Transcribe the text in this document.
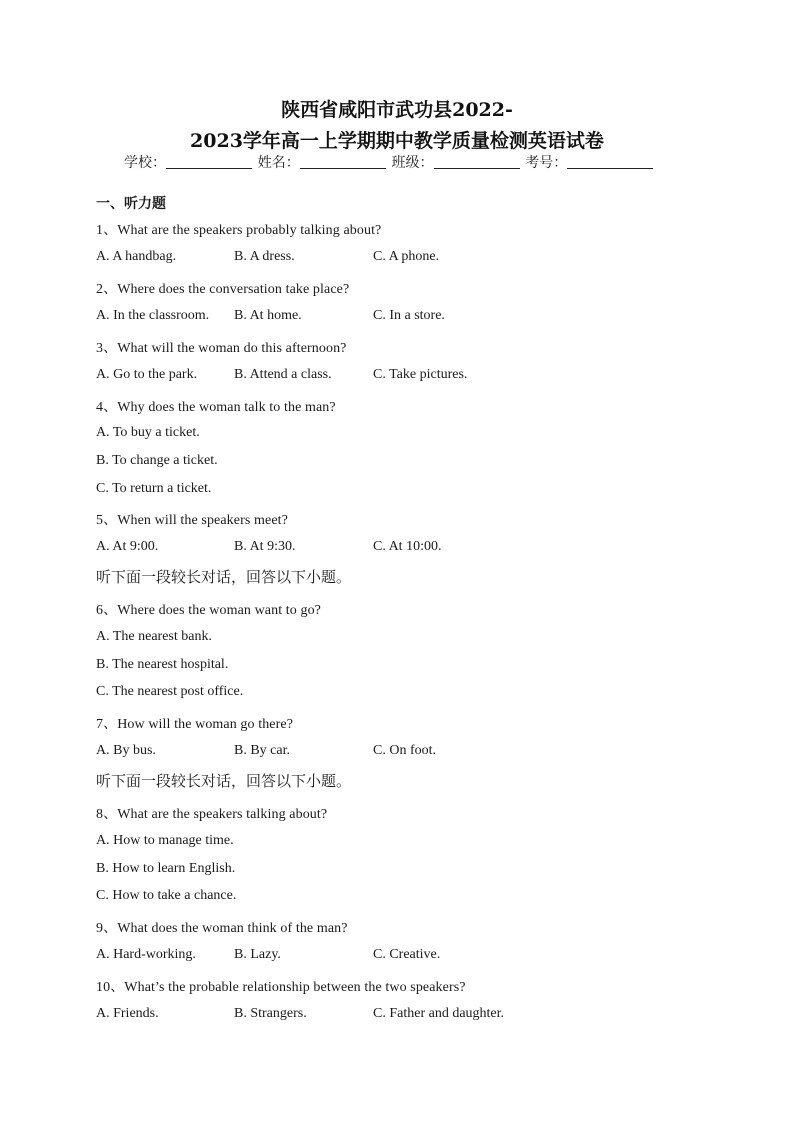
陕西省咸阳市武功县2022-
2023学年高一上学期期中教学质量检测英语试卷
学校：	姓名：	班级：	考号：
一、听力题
1、What are the speakers probably talking about?
A. A handbag.	B. A dress.	C. A phone.
2、Where does the conversation take place?
A. In the classroom. B. At home.	C. In a store.
3、What will the woman do this afternoon?
A. Go to the park.	B. Attend a class.	C. Take pictures.
4、Why does the woman talk to the man?
A. To buy a ticket.
B. To change a ticket.
C. To return a ticket.
5、When will the speakers meet?
A. At 9:00.	B. At 9:30.	C. At 10:00.
听下面一段较长对话，回答以下小题。
6、Where does the woman want to go?
A. The nearest bank.
B. The nearest hospital.
C. The nearest post office.
7、How will the woman go there?
A. By bus.	B. By car.	C. On foot.
听下面一段较长对话，回答以下小题。
8、What are the speakers talking about?
A. How to manage time.
B. How to learn English.
C. How to take a chance.
9、What does the woman think of the man?
A. Hard-working.	B. Lazy.	C. Creative.
10、What’s the probable relationship between the two speakers?
A. Friends.	B. Strangers.	C. Father and daughter.
